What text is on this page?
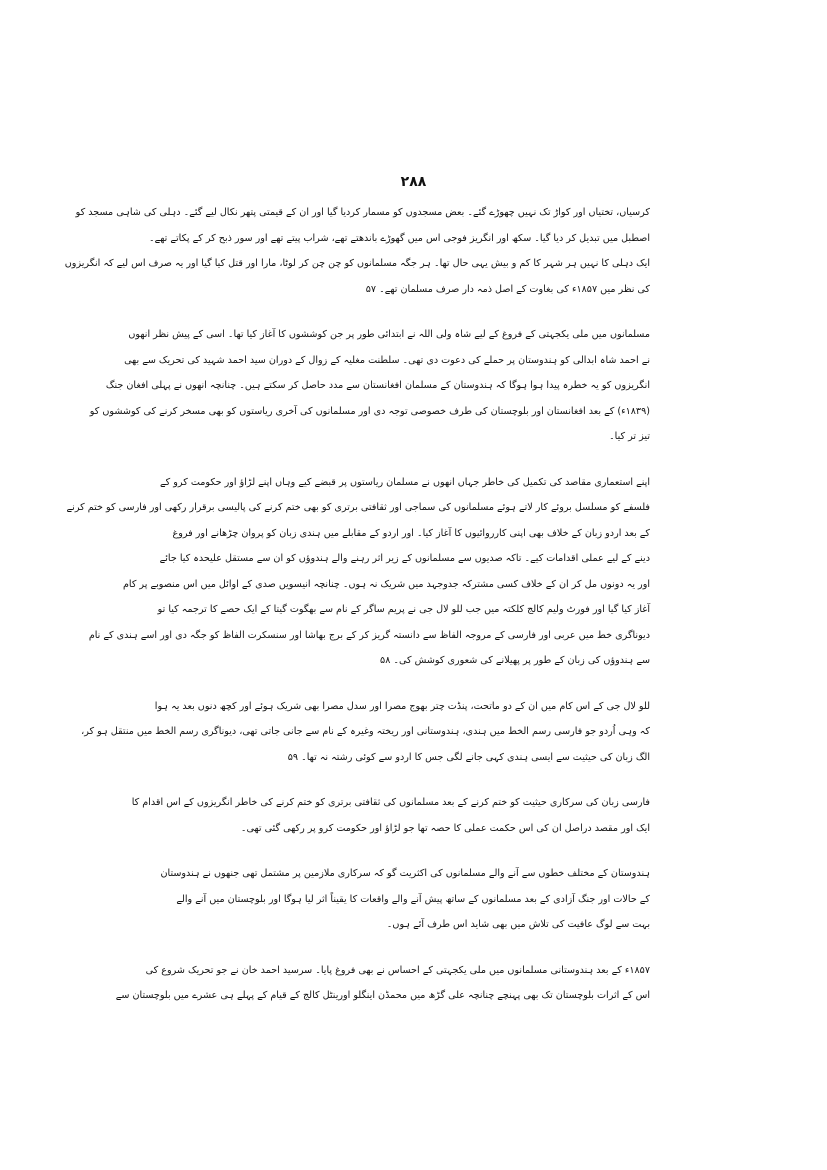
۲۸۸
کرسیاں، تختیاں اور کواڑ تک نہیں چھوڑے گئے۔ بعض مسجدوں کو مسمار کردیا گیا اور ان کے قیمتی پتھر نکال لیے گئے۔ دہلی کی شاہی مسجد کو
اصطبل میں تبدیل کر دیا گیا۔ سکھ اور انگریز فوجی اس میں گھوڑے باندھتے تھے، شراب پیتے تھے اور سور ذبح کر کے پکاتے تھے۔
ایک دہلی کا نہیں ہر شہر کا کم و بیش یہی حال تھا۔ ہر جگہ مسلمانوں کو چن چن کر لوٹا، مارا اور قتل کیا گیا اور یہ صرف اس لیے کہ انگریزوں
کی نظر میں ۱۸۵۷ء کی بغاوت کے اصل ذمہ دار صرف مسلمان تھے۔ ۵۷
مسلمانوں میں ملی یکجہتی کے فروغ کے لیے شاہ ولی اللہ نے ابتدائی طور پر جن کوششوں کا آغاز کیا تھا۔ اسی کے پیش نظر انھوں
نے احمد شاہ ابدالی کو ہندوستان پر حملے کی دعوت دی تھی۔ سلطنت مغلیہ کے زوال کے دوران سید احمد شہید کی تحریک سے بھی
انگریزوں کو یہ خطرہ پیدا ہوا ہوگا کہ ہندوستان کے مسلمان افغانستان سے مدد حاصل کر سکتے ہیں۔ چنانچہ انھوں نے پہلی افغان جنگ
(۱۸۳۹ء) کے بعد افغانستان اور بلوچستان کی طرف خصوصی توجہ دی اور مسلمانوں کی آخری ریاستوں کو بھی مسخر کرنے کی کوششوں کو
تیز تر کیا۔
اپنے استعماری مقاصد کی تکمیل کی خاطر جہاں انھوں نے مسلمان ریاستوں پر قبضے کیے وہاں اپنے لڑاؤ اور حکومت کرو کے
فلسفے کو مسلسل بروئے کار لاتے ہوئے مسلمانوں کی سماجی اور ثقافتی برتری کو بھی ختم کرنے کی پالیسی برقرار رکھی اور فارسی کو ختم کرنے
کے بعد اردو زبان کے خلاف بھی اپنی کارروائیوں کا آغاز کیا۔ اور اردو کے مقابلے میں ہندی زبان کو پروان چڑھانے اور فروغ
دینے کے لیے عملی اقدامات کیے۔ تاکہ صدیوں سے مسلمانوں کے زیر اثر رہنے والے ہندوؤں کو ان سے مستقل علیحدہ کیا جائے
اور یہ دونوں مل کر ان کے خلاف کسی مشترکہ جدوجہد میں شریک نہ ہوں۔ چنانچہ انیسویں صدی کے اوائل میں اس منصوبے پر کام
آغاز کیا گیا اور فورٹ ولیم کالج کلکتہ میں جب للو لال جی نے پریم ساگر کے نام سے بھگوت گیتا کے ایک حصے کا ترجمہ کیا تو
دیوناگری خط میں عربی اور فارسی کے مروجہ الفاظ سے دانستہ گریز کر کے برج بھاشا اور سنسکرت الفاظ کو جگہ دی اور اسے ہندی کے نام
سے ہندوؤں کی زبان کے طور پر پھیلانے کی شعوری کوشش کی۔ ۵۸
للو لال جی کے اس کام میں ان کے دو ماتحت، پنڈت چتر بھوج مصرا اور سدل مصرا بھی شریک ہوئے اور کچھ دنوں بعد یہ ہوا
کہ وہی اُردو جو فارسی رسم الخط میں ہندی، ہندوستانی اور ریختہ وغیرہ کے نام سے جانی جاتی تھی، دیوناگری رسم الخط میں منتقل ہو کر،
الگ زبان کی حیثیت سے ایسی ہندی کہی جانے لگی جس کا اردو سے کوئی رشتہ نہ تھا۔ ۵۹
فارسی زبان کی سرکاری حیثیت کو ختم کرنے کے بعد مسلمانوں کی ثقافتی برتری کو ختم کرنے کی خاطر انگریزوں کے اس اقدام کا
ایک اور مقصد دراصل ان کی اس حکمت عملی کا حصہ تھا جو لڑاؤ اور حکومت کرو پر رکھی گئی تھی۔
ہندوستان کے مختلف خطوں سے آنے والے مسلمانوں کی اکثریت گو کہ سرکاری ملازمین پر مشتمل تھی جنھوں نے ہندوستان
کے حالات اور جنگ آزادی کے بعد مسلمانوں کے ساتھ پیش آنے والے واقعات کا یقیناً اثر لیا ہوگا اور بلوچستان میں آنے والے
بہت سے لوگ عافیت کی تلاش میں بھی شاید اس طرف آئے ہوں۔
۱۸۵۷ء کے بعد ہندوستانی مسلمانوں میں ملی یکجہتی کے احساس نے بھی فروغ پایا۔ سرسید احمد خان نے جو تحریک شروع کی
اس کے اثرات بلوچستان تک بھی پہنچے چنانچہ علی گڑھ میں محمڈن اینگلو اورینٹل کالج کے قیام کے پہلے ہی عشرے میں بلوچستان سے
